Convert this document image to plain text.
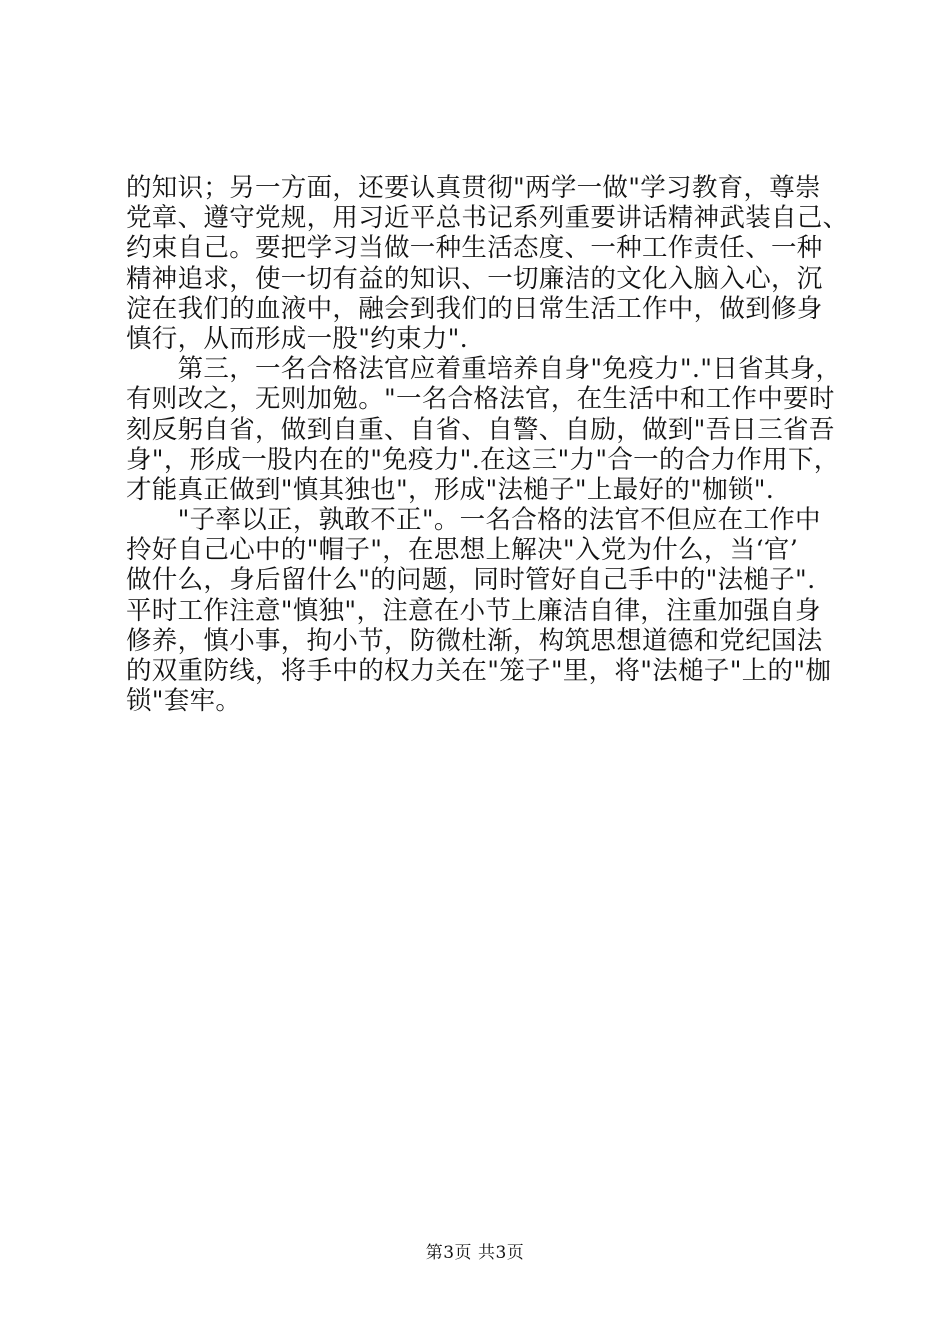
的知识；另一方面，还要认真贯彻"两学一做"学习教育，尊崇
党章、遵守党规，用习近平总书记系列重要讲话精神武装自己、
约束自己。要把学习当做一种生活态度、一种工作责任、一种
精神追求，使一切有益的知识、一切廉洁的文化入脑入心，沉
淀在我们的血液中，融会到我们的日常生活工作中，做到修身
慎行，从而形成一股"约束力".
　　第三，一名合格法官应着重培养自身"免疫力"."日省其身，
有则改之，无则加勉。"一名合格法官，在生活中和工作中要时
刻反躬自省，做到自重、自省、自警、自励，做到"吾日三省吾
身"，形成一股内在的"免疫力".在这三"力"合一的合力作用下，
才能真正做到"慎其独也"，形成"法槌子"上最好的"枷锁".
　　"子率以正，孰敢不正"。一名合格的法官不但应在工作中
拎好自己心中的"帽子"，在思想上解决"入党为什么，当‘官’
做什么，身后留什么"的问题，同时管好自己手中的"法槌子".
平时工作注意"慎独"，注意在小节上廉洁自律，注重加强自身
修养，慎小事，拘小节，防微杜渐，构筑思想道德和党纪国法
的双重防线，将手中的权力关在"笼子"里，将"法槌子"上的"枷
锁"套牢。
第3页 共3页
